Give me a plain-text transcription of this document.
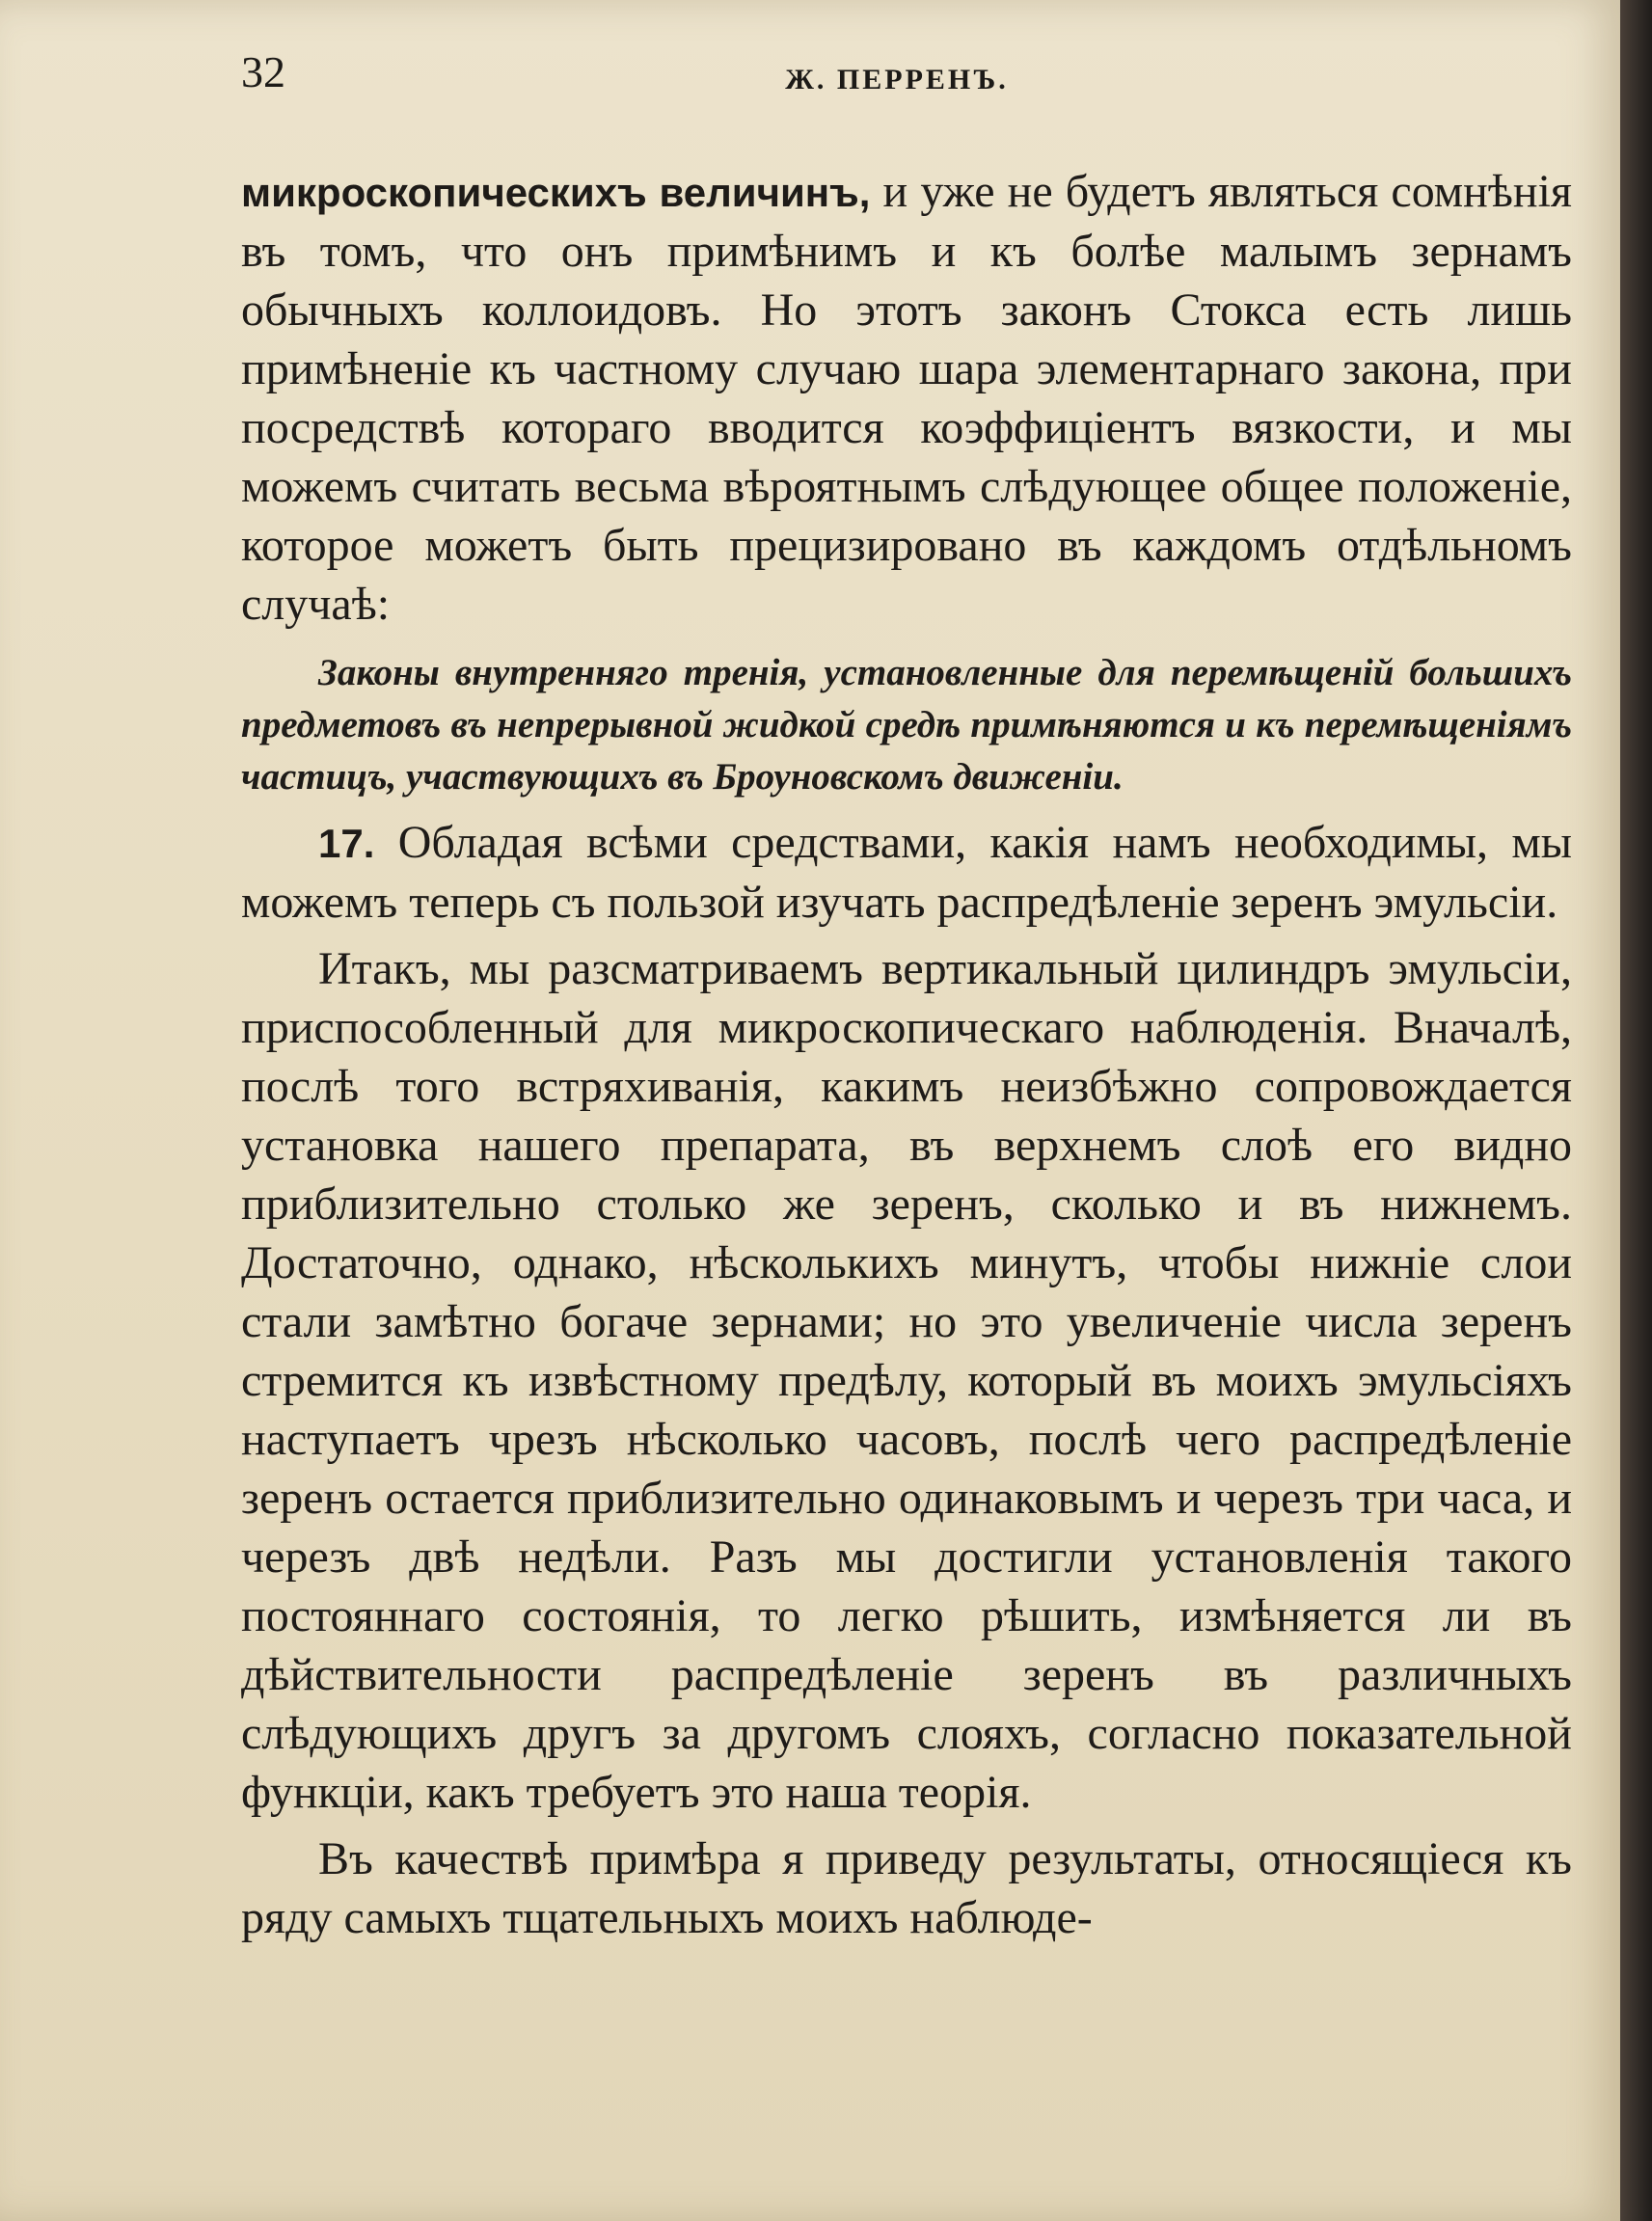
32	Ж. ПЕРРЕНЪ.

микроскопическихъ величинъ, и уже не будетъ являться сомнѣнія въ томъ, что онъ примѣнимъ и къ болѣе малымъ зернамъ обычныхъ коллоидовъ. Но этотъ законъ Стокса есть лишь примѣненіе къ частному случаю шара элементарнаго закона, при посредствѣ котораго вводится коэффиціентъ вязкости, и мы можемъ считать весьма вѣроятнымъ слѣдующее общее положеніе, которое можетъ быть прецизировано въ каждомъ отдѣльномъ случаѣ:

Законы внутренняго тренія, установленные для перемѣщеній большихъ предметовъ въ непрерывной жидкой средѣ примѣняются и къ перемѣщеніямъ частицъ, участвующихъ въ Броуновскомъ движеніи.

17. Обладая всѣми средствами, какія намъ необходимы, мы можемъ теперь съ пользой изучать распредѣленіе зеренъ эмульсіи.

Итакъ, мы разсматриваемъ вертикальный цилиндръ эмульсіи, приспособленный для микроскопическаго наблюденія. Вначалѣ, послѣ того встряхиванія, какимъ неизбѣжно сопровождается установка нашего препарата, въ верхнемъ слоѣ его видно приблизительно столько же зеренъ, сколько и въ нижнемъ. Достаточно, однако, нѣсколькихъ минутъ, чтобы нижніе слои стали замѣтно богаче зернами; но это увеличеніе числа зеренъ стремится къ извѣстному предѣлу, который въ моихъ эмульсіяхъ наступаетъ чрезъ нѣсколько часовъ, послѣ чего распредѣленіе зеренъ остается приблизительно одинаковымъ и черезъ три часа, и черезъ двѣ недѣли. Разъ мы достигли установленія такого постояннаго состоянія, то легко рѣшить, измѣняется ли въ дѣйствительности распредѣленіе зеренъ въ различныхъ слѣдующихъ другъ за другомъ слояхъ, согласно показательной функціи, какъ требуетъ это наша теорія.

Въ качествѣ примѣра я приведу результаты, относящіеся къ ряду самыхъ тщательныхъ моихъ наблюде-
